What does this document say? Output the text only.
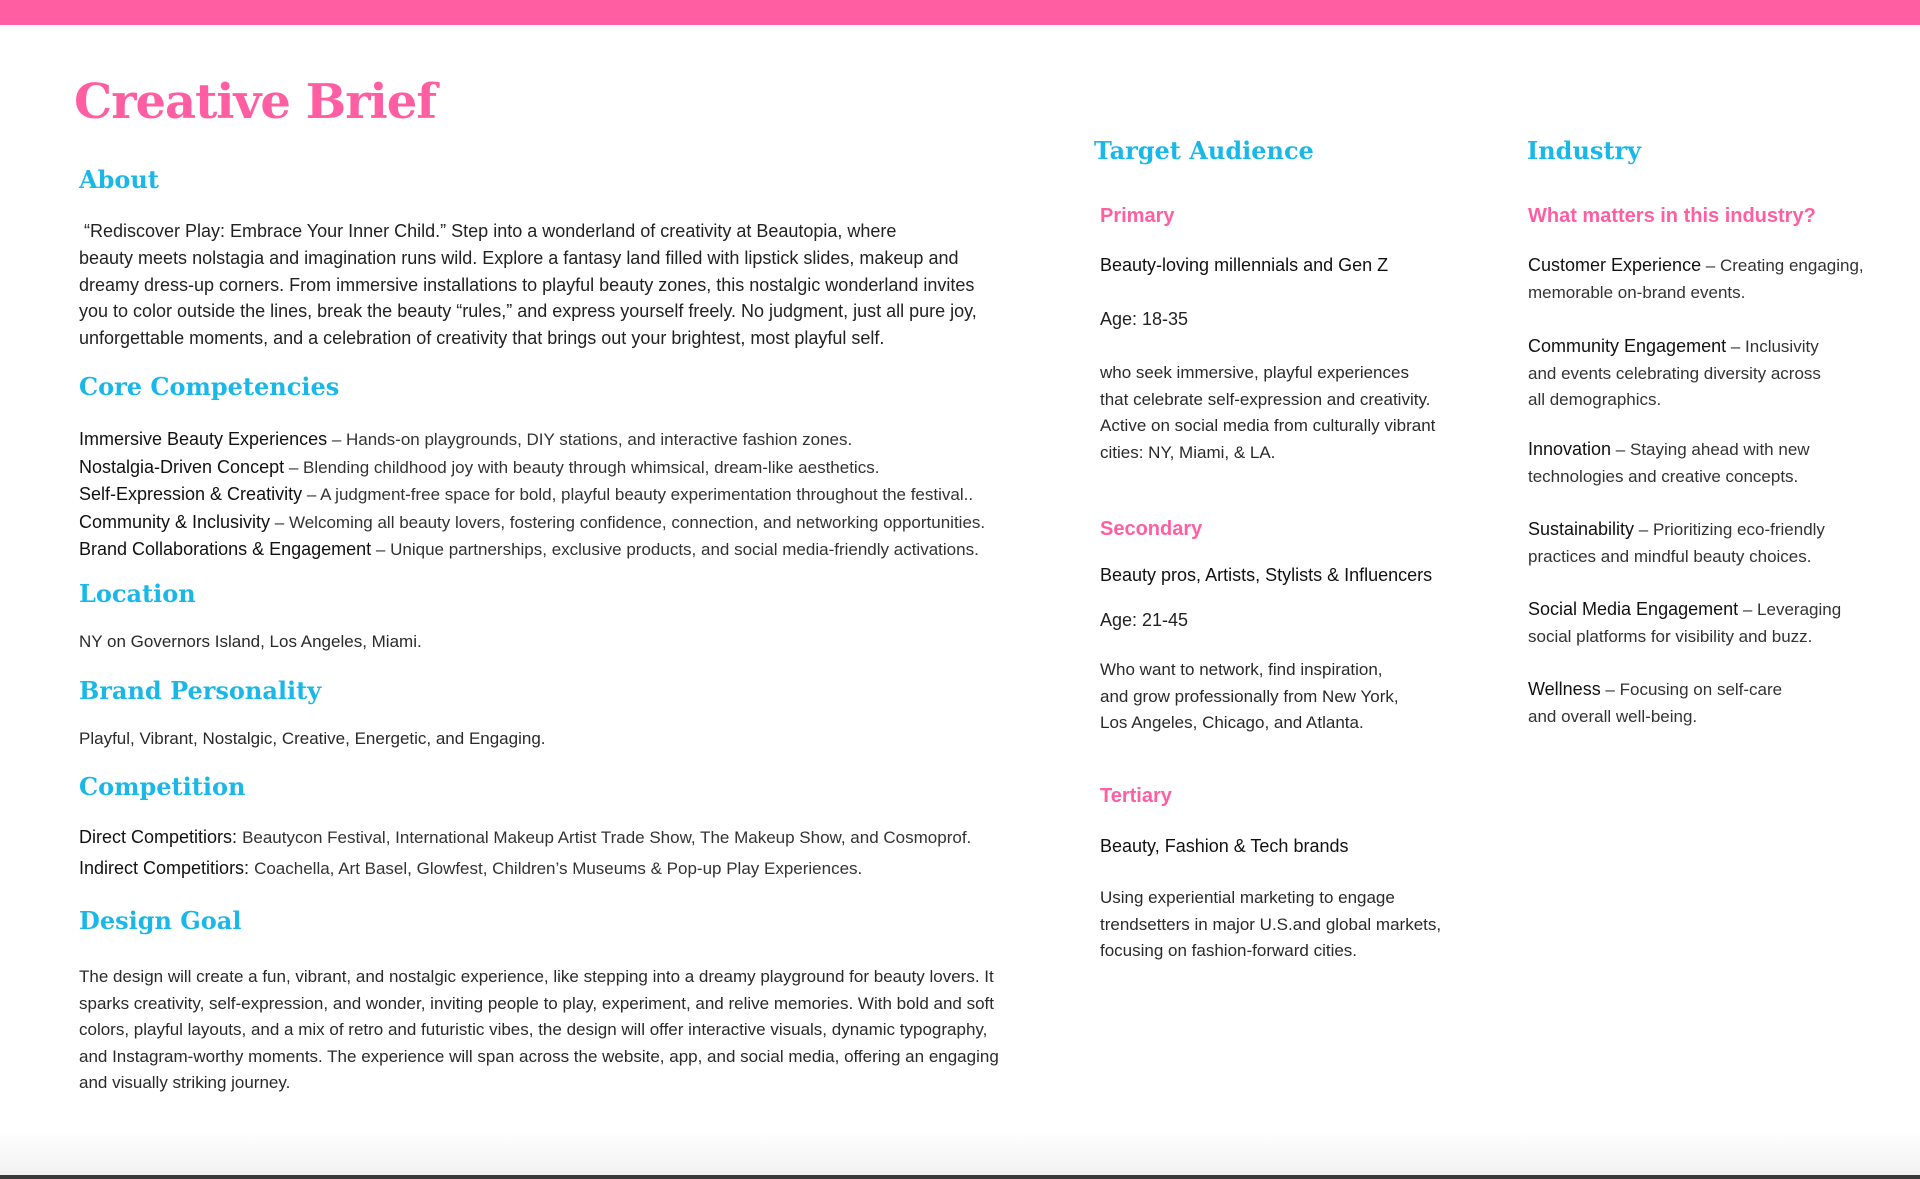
Creative Brief
About

“Rediscover Play: Embrace Your Inner Child.” Step into a wonderland of creativity at Beautopia, where
beauty meets nolstagia and imagination runs wild. Explore a fantasy land filled with lipstick slides, makeup and
dreamy dress-up corners. From immersive installations to playful beauty zones, this nostalgic wonderland invites
you to color outside the lines, break the beauty “rules,” and express yourself freely. No judgment, just all pure joy,
unforgettable moments, and a celebration of creativity that brings out your brightest, most playful self.

Core Competencies
Immersive Beauty Experiences – Hands-on playgrounds, DIY stations, and interactive fashion zones.
Nostalgia-Driven Concept – Blending childhood joy with beauty through whimsical, dream-like aesthetics.
Self-Expression & Creativity – A judgment-free space for bold, playful beauty experimentation throughout the festival..
Community & Inclusivity – Welcoming all beauty lovers, fostering confidence, connection, and networking opportunities.
Brand Collaborations & Engagement – Unique partnerships, exclusive products, and social media-friendly activations.
Location

NY on Governors Island, Los Angeles, Miami.

Brand Personality

Playful, Vibrant, Nostalgic, Creative, Energetic, and Engaging.

Competition
Direct Competitiors: Beautycon Festival, International Makeup Artist Trade Show, The Makeup Show, and Cosmoprof.
Indirect Competitiors: Coachella, Art Basel, Glowfest, Children’s Museums & Pop-up Play Experiences.
Design Goal

The design will create a fun, vibrant, and nostalgic experience, like stepping into a dreamy playground for beauty lovers. It
sparks creativity, self-expression, and wonder, inviting people to play, experiment, and relive memories. With bold and soft
colors, playful layouts, and a mix of retro and futuristic vibes, the design will offer interactive visuals, dynamic typography,
and Instagram-worthy moments. The experience will span across the website, app, and social media, offering an engaging
and visually striking journey.

Target Audience
Primary

Beauty-loving millennials and Gen Z

Age: 18-35

who seek immersive, playful experiences
that celebrate self-expression and creativity.
Active on social media from culturally vibrant
cities: NY, Miami, & LA.

Secondary

Beauty pros, Artists, Stylists & Influencers

Age: 21-45

Who want to network, find inspiration,
and grow professionally from New York,
Los Angeles, Chicago, and Atlanta.

Tertiary

Beauty, Fashion & Tech brands

Using experiential marketing to engage
trendsetters in major U.S.and global markets,
focusing on fashion-forward cities.

Industry
What matters in this industry?

Customer Experience – Creating engaging,
memorable on-brand events.

Community Engagement – Inclusivity
and events celebrating diversity across
all demographics.

Innovation – Staying ahead with new
technologies and creative concepts.

Sustainability – Prioritizing eco-friendly
practices and mindful beauty choices.

Social Media Engagement – Leveraging
social platforms for visibility and buzz.

Wellness – Focusing on self-care
and overall well-being.
